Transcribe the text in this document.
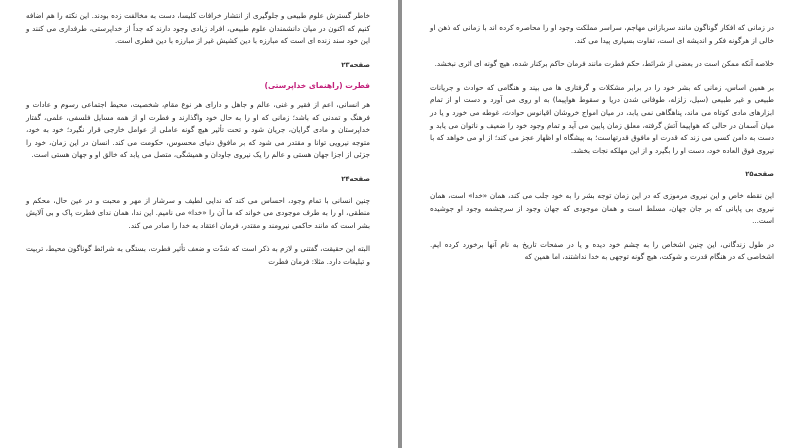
خاطر گسترش علوم طبیعی و جلوگیری از انتشار خرافات کلیسا، دست به مخالفت زده بودند. این نکته را هم اضافه کنیم که اکنون در میان دانشمندان علوم طبیعی، افراد زیادی وجود دارند که جداً از خداپرستی، طرفداری می کنند و این خود سند زنده ای است که مبارزه با دین کشیش غیر از مبارزه با دین فطری است.

صفحه۲۳
فطرت (راهنمای خداپرستی)

هر انسانی، اعم از فقیر و غنی، عالم و جاهل و دارای هر نوع مقام، شخصیت، محیط اجتماعی رسوم و عادات و فرهنگ و تمدنی که باشد؛ زمانی که او را به حال خود واگذارند و فطرت او از همه مسایل فلسفی، علمی، گفتار خداپرستان و مادی گرایان، جریان شود و تحت تأثیر هیچ گونه عاملی از عوامل خارجی قرار نگیرد؛ خود به خود، متوجه نیرویی توانا و مقتدر می شود که بر مافوق دنیای محسوس، حکومت می کند. انسان در این زمان، خود را جزئی از اجزا جهان هستی و عالم را یک نیروی جاودان و همیشگی، متصل می یابد که خالق او و جهان هستی است.

صفحه۲۴

چنین انسانی با تمام وجود، احساس می کند که ندایی لطیف و سرشار از مهر و محبت و در عین حال، محکم و منطقی، او را به طرف موجودی می خواند که ما آن را «خدا» می نامیم. این ندا، همان ندای فطرت پاک و بی آلایش بشر است که مانند حاکمی نیرومند و مقتدر، فرمان اعتقاد به خدا را صادر می کند.

البته این حقیقت، گفتنی و لازم به ذکر است که شدّت و ضعف تأثیر فطرت، بستگی به شرائط گوناگون محیط، تربیت و تبلیغات دارد. مثلا: فرمان فطرت

در زمانی که افکار گوناگون مانند سربازانی مهاجم، سراسر مملکت وجود او را محاصره کرده اند با زمانی که ذهن او خالی از هرگونه فکر و اندیشه ای است، تفاوت بسیاری پیدا می کند.

خلاصه آنکه ممکن است در بعضی از شرائط، حکم فطرت مانند فرمان حاکم برکنار شده، هیچ گونه ای اثری نبخشد.

بر همین اساس، زمانی که بشر خود را در برابر مشکلات و گرفتاری ها می بیند و هنگامی که حوادث و جریانات طبیعی و غیر طبیعی (سیل، زلزله، طوفانی شدن دریا و سقوط هواپیما) به او روی می آورد و دست او از تمام ابزارهای مادی کوتاه می ماند، پناهگاهی نمی یابد، در میان امواج خروشان اقیانوس حوادث، غوطه می خورد و یا در میان آسمان در حالی که هواپیما آتش گرفته، معلق زمان پایین می آید و تمام وجود خود را ضعیف و ناتوان می یابد و دست به دامن کسی می زند که قدرت او مافوق قدرتهاست؛ به پیشگاه او اظهار عجز می کند؛ از او می خواهد که با نیروی فوق العاده خود، دست او را بگیرد و از این مهلکه نجات بخشد.

صفحه۲۵

این نقطه خاص و این نیروی مرموزی که در این زمان توجه بشر را به خود جلب می کند، همان «خدا» است، همان نیروی بی پایانی که بر جان جهان، مسلط است و همان موجودی که جهان وجود از سرچشمه وجود او جوشیده است...

در طول زندگانی، این چنین اشخاص را به چشم خود دیده و یا در صفحات تاریخ به نام آنها برخورد کرده ایم. اشخاصی که در هنگام قدرت و شوکت، هیچ گونه توجهی به خدا نداشتند، اما همین که
